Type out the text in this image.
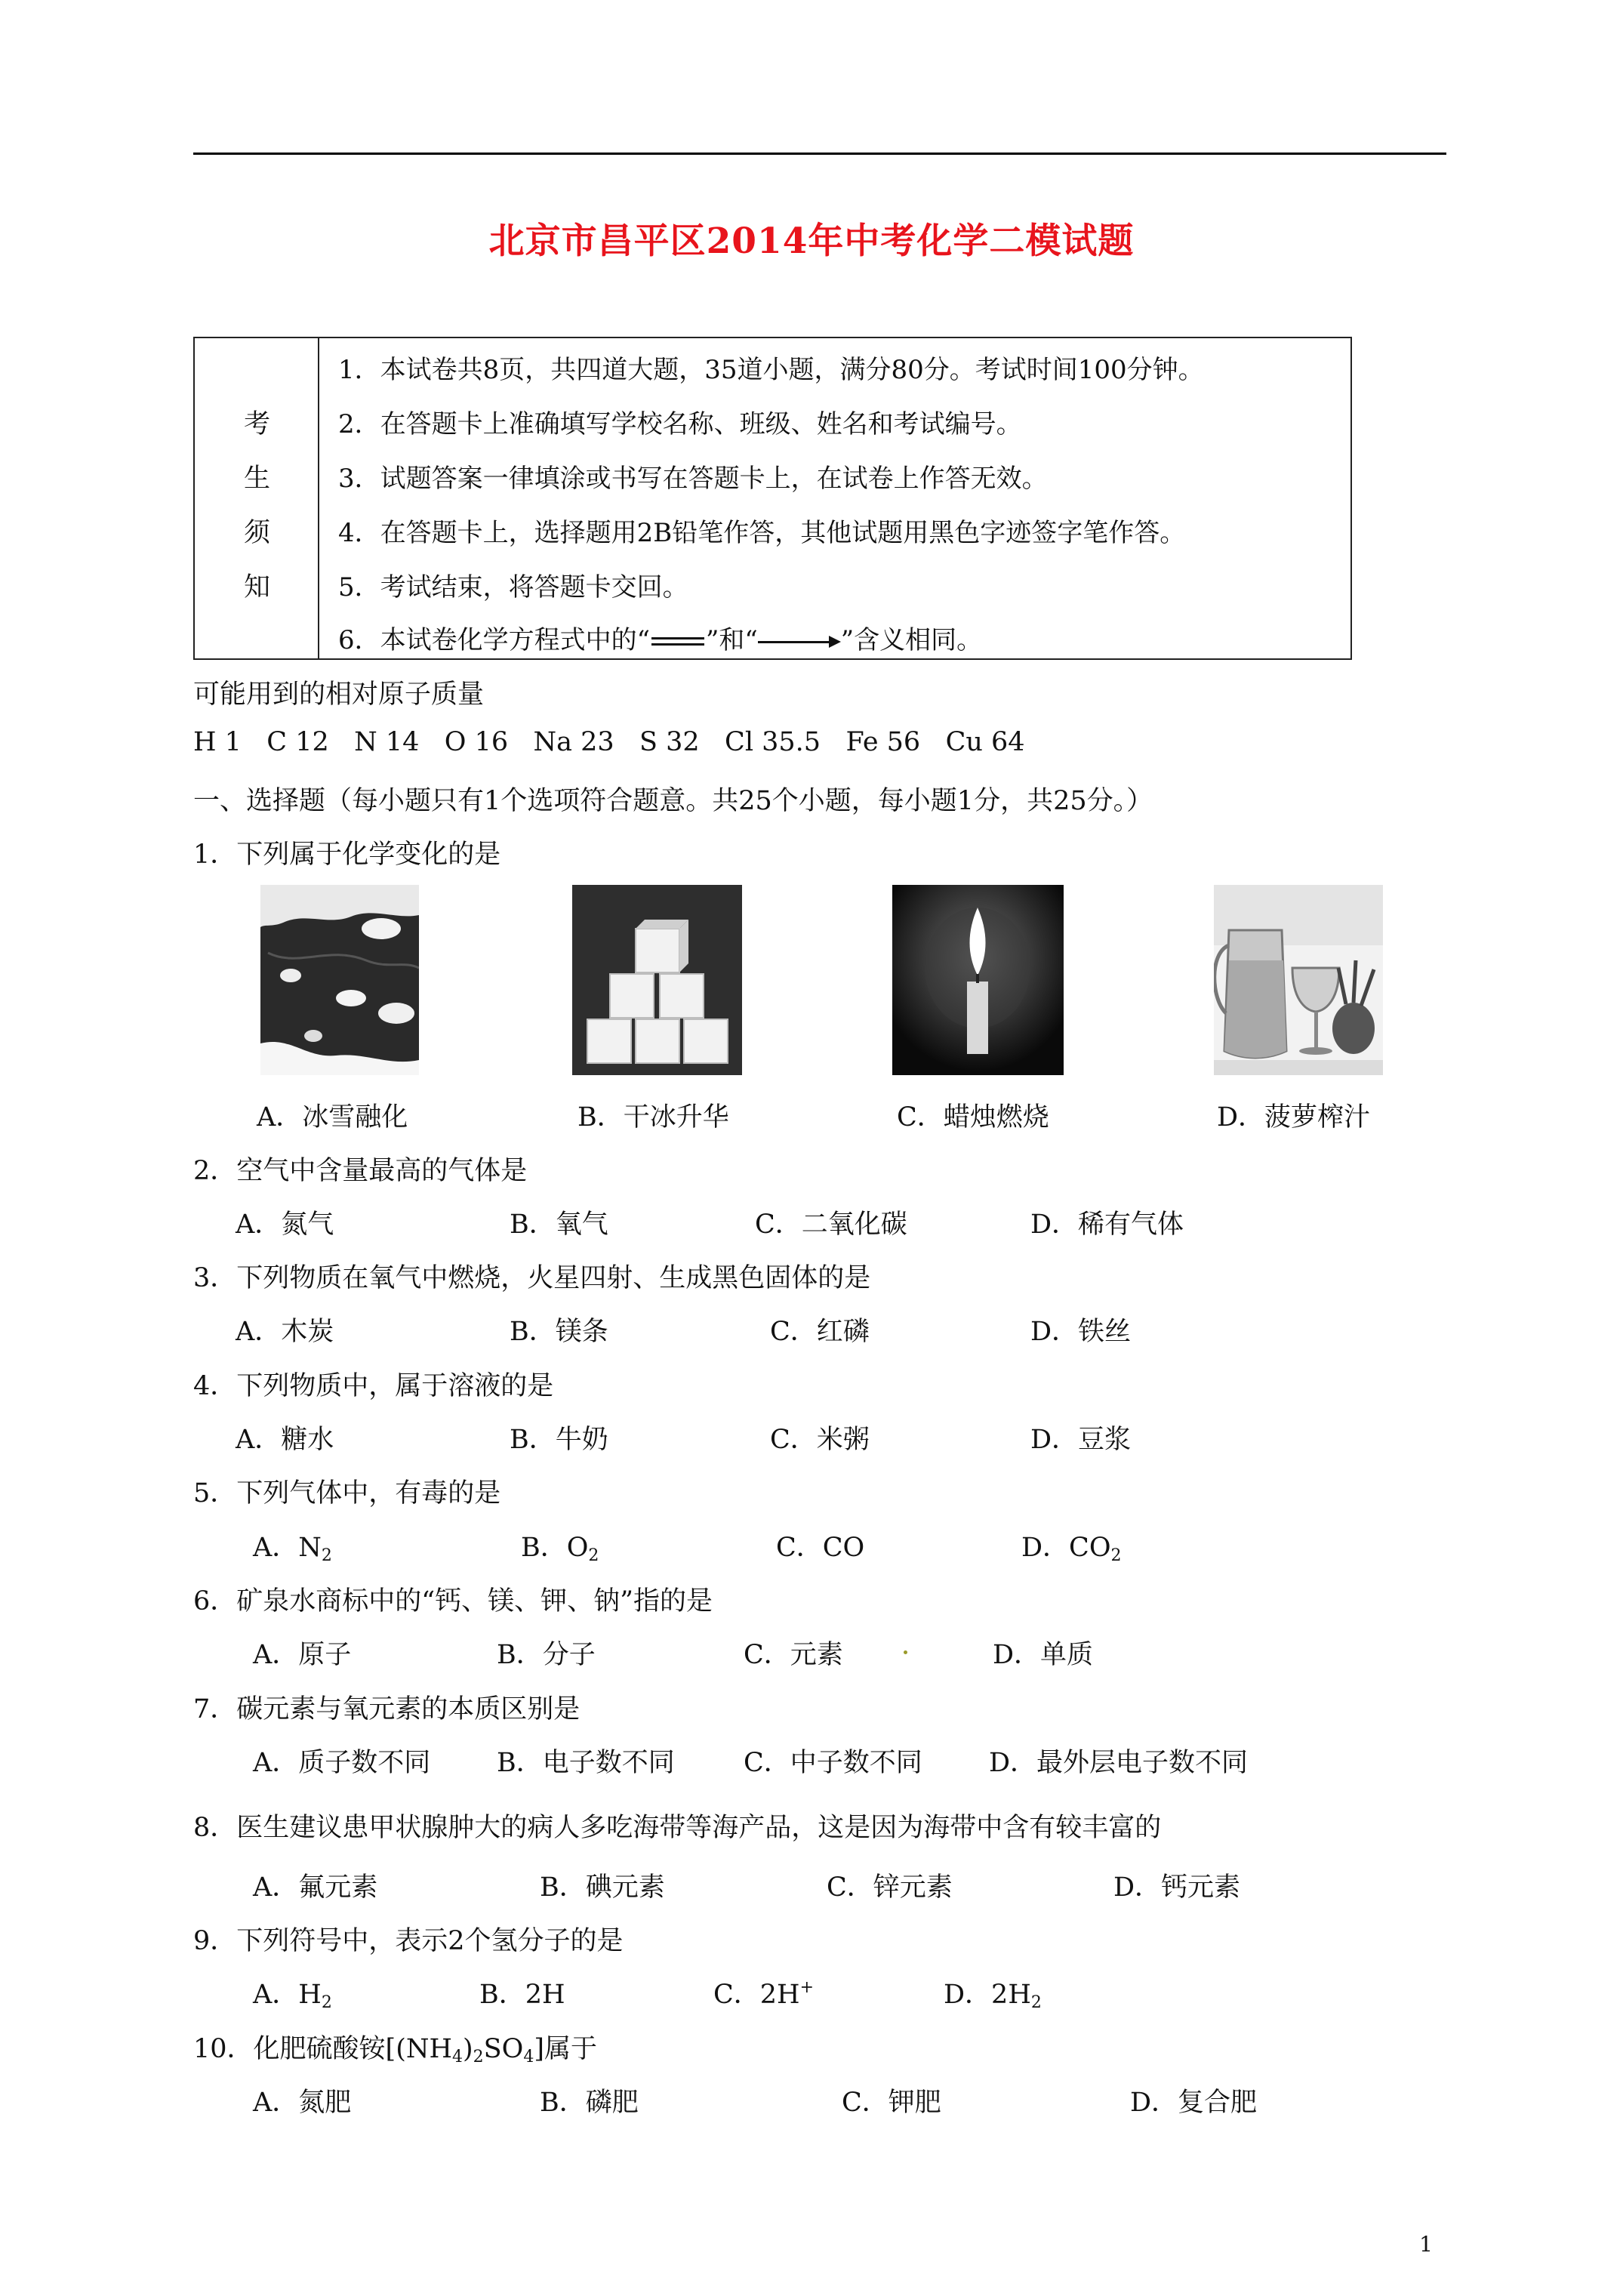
北京市昌平区2014年中考化学二模试题
考
生
须
知
1．本试卷共8页，共四道大题，35道小题，满分80分。考试时间100分钟。
2．在答题卡上准确填写学校名称、班级、姓名和考试编号。
3．试题答案一律填涂或书写在答题卡上，在试卷上作答无效。
4．在答题卡上，选择题用2B铅笔作答，其他试题用黑色字迹签字笔作答。
5．考试结束，将答题卡交回。
6．本试卷化学方程式中的“ ”和“	”含义相同。
可能用到的相对原子质量
H 1   C 12   N 14   O 16   Na 23   S 32   Cl 35.5   Fe 56   Cu 64
一、选择题（每小题只有1个选项符合题意。共25个小题，每小题1分，共25分。）
1．下列属于化学变化的是
A．冰雪融化	B．干冰升华	C．蜡烛燃烧	D．菠萝榨汁
2．空气中含量最高的气体是
A．氮气	B．氧气	C．二氧化碳	D．稀有气体
3．下列物质在氧气中燃烧，火星四射、生成黑色固体的是
A．木炭	B．镁条	C．红磷	D．铁丝
4．下列物质中，属于溶液的是
A．糖水	B．牛奶	C．米粥	D．豆浆
5．下列气体中，有毒的是
A．$N_2$	B．$O_2$	C．CO	D．$CO_2$
6．矿泉水商标中的“钙、镁、钾、钠”指的是
A．原子	B．分子	C．元素	D．单质
7．碳元素与氧元素的本质区别是
A．质子数不同	B．电子数不同	C．中子数不同	D．最外层电子数不同
8．医生建议患甲状腺肿大的病人多吃海带等海产品，这是因为海带中含有较丰富的
A．氟元素	B．碘元素	C．锌元素	D．钙元素
9．下列符号中，表示2个氢分子的是
A．$H_2$	B．2H	C．2H+	D．$2H_2$
10．化肥硫酸铵$[(NH_4)_2SO_4]$属于
A．氮肥	B．磷肥	C．钾肥	D．复合肥
1
